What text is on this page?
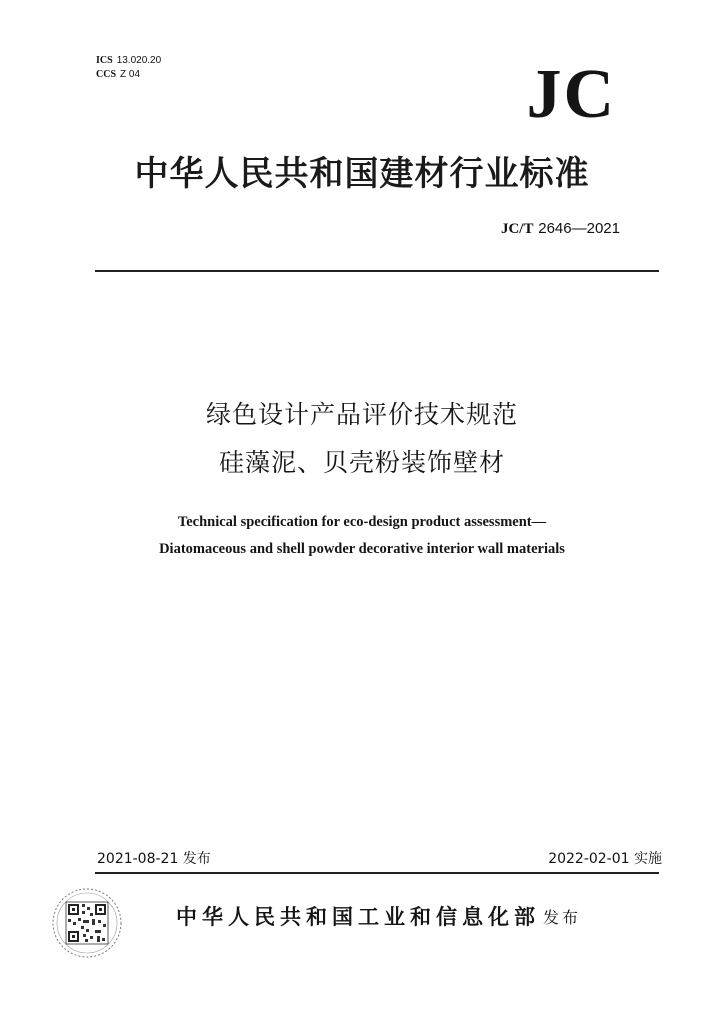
ICS 13.020.20
CCS Z 04	JC
中华人民共和国建材行业标准
JC/T 2646—2021
绿色设计产品评价技术规范
硅藻泥、贝壳粉装饰壁材
Technical specification for eco-design product assessment—
Diatomaceous and shell powder decorative interior wall materials
2021-08-21 发布	2022-02-01 实施
中华人民共和国工业和信息化部 发布
